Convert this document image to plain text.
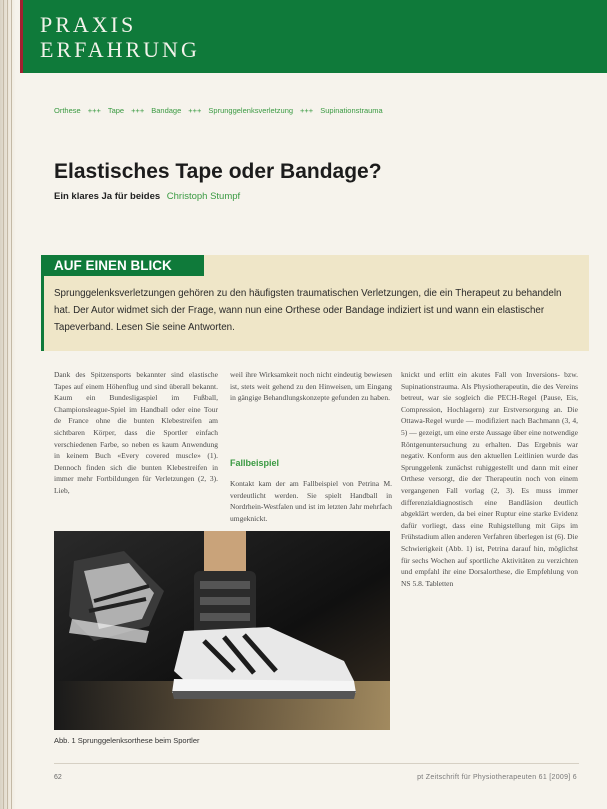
PRAXIS
ERFAHRUNG
Orthese +++ Tape +++ Bandage +++ Sprunggelenksverletzung +++ Supinationstrauma
Elastisches Tape oder Bandage?
Ein klares Ja für beides Christoph Stumpf
AUF EINEN BLICK
Sprunggelenksverletzungen gehören zu den häufigsten traumatischen Verletzungen, die ein Therapeut zu behandeln hat. Der Autor widmet sich der Frage, wann nun eine Orthese oder Bandage indiziert ist und wann ein elastischer Tapeverband. Lesen Sie seine Antworten.
Dank des Spitzensports bekannter sind elastische Tapes auf einem Höhenflug und sind überall bekannt. Kaum ein Bundesligaspiel im Fußball, Championsleague-Spiel im Handball oder eine Tour de France ohne die bunten Klebestreifen am sichtbaren Körper, dass die Sportler einfach verschiedenen Farbe, so neben es kaum Anwendung in keinem Buch «Every covered muscle» (1). Dennoch finden sich die bunten Klebestreifen in immer mehr Fortbildungen für Verletzungen (2, 3). Lieb,
weil ihre Wirksamkeit noch nicht eindeutig bewiesen ist, stets weit gehend zu den Hinweisen, um Eingang in gängige Behandlungskonzepte gefunden zu haben.
Fallbeispiel
Kontakt kam der am Fallbeispiel von Petrina M. verdeutlicht werden. Sie spielt Handball in Nordrhein-Westfalen und ist im letzten Jahr mehrfach umgeknickt.
knickt und erlitt ein akutes Fall von Inversions- bzw. Supinationstrauma. Als Physiotherapeutin, die des Vereins betreut, war sie sogleich die PECH-Regel (Pause, Eis, Compression, Hochlagern) zur Erstversorgung an. Die Ottawa-Regel wurde — modifiziert nach Bachmann (3, 4, 5) — gezeigt, um eine erste Aussage über eine notwendige Röntgenuntersuchung zu erhalten. Das Ergebnis war negativ. Konform aus den aktuellen Leitlinien wurde das Sprunggelenk zunächst ruhiggestellt und dann mit einer Orthese versorgt, die der Therapeutin noch von einem vergangenen Fall vorlag (2, 3). Es muss immer differenzialdiagnostisch eine Bandläsion deutlich abgeklärt werden, da bei einer Ruptur eine starke Evidenz dafür vorliegt, dass eine Ruhigstellung mit Gips im Frühstadium allen anderen Verfahren überlegen ist (6). Die Schwierigkeit (Abb. 1) ist, Petrina darauf hin, möglichst für sechs Wochen auf sportliche Aktivitäten zu verzichten und empfahl ihr eine Dorsalorthese, die Empfehlung von NS 5.8. Tabletten
Abb. 1 Sprunggelenksorthese beim Sportler
62	pt Zeitschrift für Physiotherapeuten 61 [2009] 6
